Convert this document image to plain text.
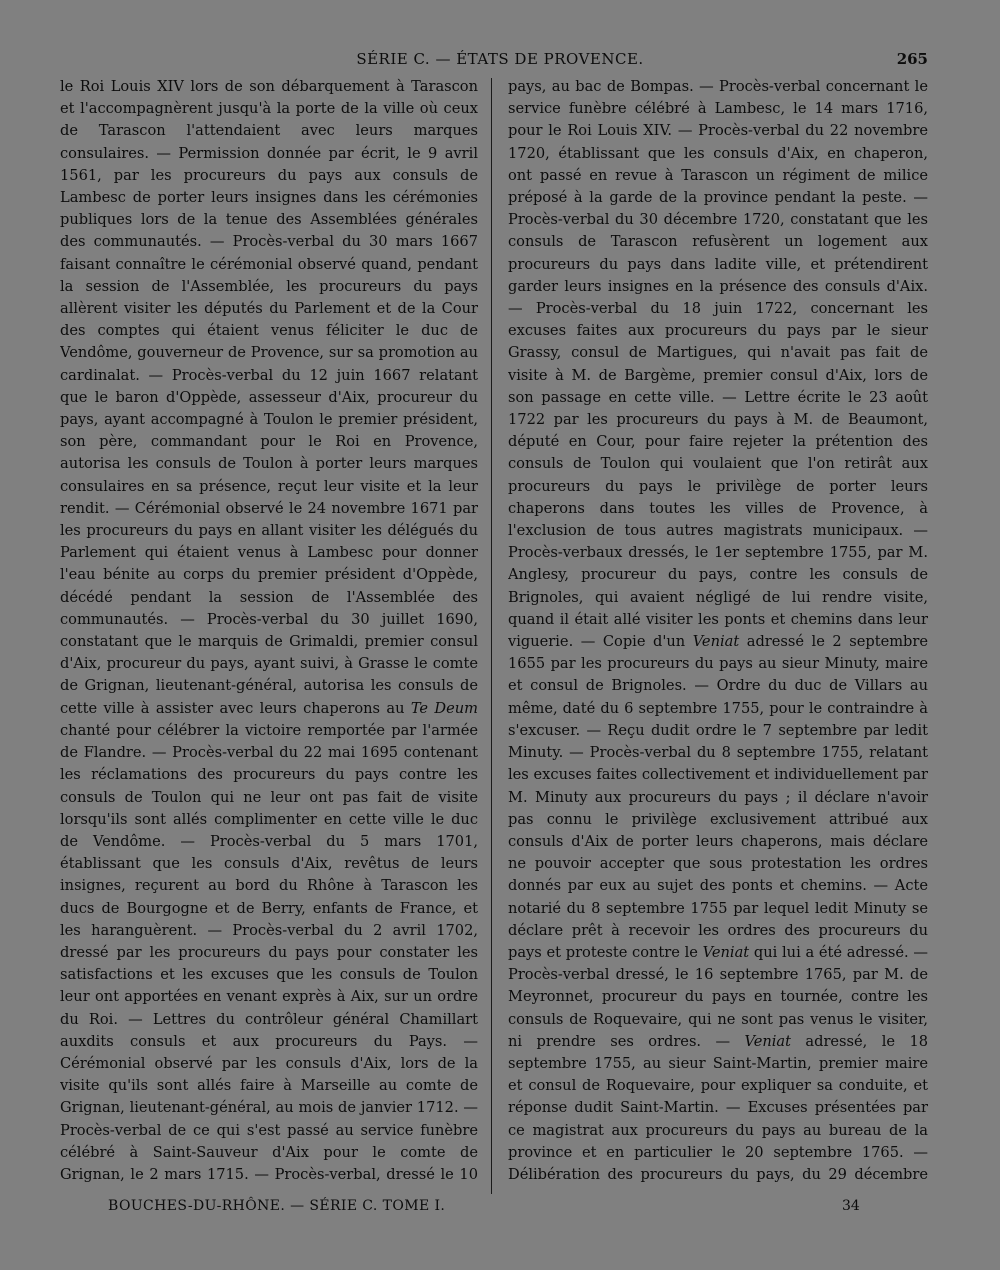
SÉRIE C. — ÉTATS DE PROVENCE.	265

le Roi Louis XIV lors de son débarquement à Tarascon et l'accompagnèrent jusqu'à la porte de la ville où ceux de Tarascon l'attendaient avec leurs marques consulaires. — Permission donnée par écrit, le 9 avril 1561, par les procureurs du pays aux consuls de Lambesc de porter leurs insignes dans les cérémonies publiques lors de la tenue des Assemblées générales des communautés. — Procès-verbal du 30 mars 1667 faisant connaître le cérémonial observé quand, pendant la session de l'Assemblée, les procureurs du pays allèrent visiter les députés du Parlement et de la Cour des comptes qui étaient venus féliciter le duc de Vendôme, gouverneur de Provence, sur sa promotion au cardinalat. — Procès-verbal du 12 juin 1667 relatant que le baron d'Oppède, assesseur d'Aix, procureur du pays, ayant accompagné à Toulon le premier président, son père, commandant pour le Roi en Provence, autorisa les consuls de Toulon à porter leurs marques consulaires en sa présence, reçut leur visite et la leur rendit. — Cérémonial observé le 24 novembre 1671 par les procureurs du pays en allant visiter les délégués du Parlement qui étaient venus à Lambesc pour donner l'eau bénite au corps du premier président d'Oppède, décédé pendant la session de l'Assemblée des communautés. — Procès-verbal du 30 juillet 1690, constatant que le marquis de Grimaldi, premier consul d'Aix, procureur du pays, ayant suivi, à Grasse le comte de Grignan, lieutenant-général, autorisa les consuls de cette ville à assister avec leurs chaperons au Te Deum chanté pour célébrer la victoire remportée par l'armée de Flandre. — Procès-verbal du 22 mai 1695 contenant les réclamations des procureurs du pays contre les consuls de Toulon qui ne leur ont pas fait de visite lorsqu'ils sont allés complimenter en cette ville le duc de Vendôme. — Procès-verbal du 5 mars 1701, établissant que les consuls d'Aix, revêtus de leurs insignes, reçurent au bord du Rhône à Tarascon les ducs de Bourgogne et de Berry, enfants de France, et les haranguèrent. — Procès-verbal du 2 avril 1702, dressé par les procureurs du pays pour constater les satisfactions et les excuses que les consuls de Toulon leur ont apportées en venant exprès à Aix, sur un ordre du Roi. — Lettres du contrôleur général Chamillart auxdits consuls et aux procureurs du Pays. — Cérémonial observé par les consuls d'Aix, lors de la visite qu'ils sont allés faire à Marseille au comte de Grignan, lieutenant-général, au mois de janvier 1712. — Procès-verbal de ce qui s'est passé au service funèbre célébré à Saint-Sauveur d'Aix pour le comte de Grignan, le 2 mars 1715. — Procès-verbal, dressé le 10

pays, au bac de Bompas. — Procès-verbal concernant le service funèbre célébré à Lambesc, le 14 mars 1716, pour le Roi Louis XIV. — Procès-verbal du 22 novembre 1720, établissant que les consuls d'Aix, en chaperon, ont passé en revue à Tarascon un régiment de milice préposé à la garde de la province pendant la peste. — Procès-verbal du 30 décembre 1720, constatant que les consuls de Tarascon refusèrent un logement aux procureurs du pays dans ladite ville, et prétendirent garder leurs insignes en la présence des consuls d'Aix. — Procès-verbal du 18 juin 1722, concernant les excuses faites aux procureurs du pays par le sieur Grassy, consul de Martigues, qui n'avait pas fait de visite à M. de Bargème, premier consul d'Aix, lors de son passage en cette ville. — Lettre écrite le 23 août 1722 par les procureurs du pays à M. de Beaumont, député en Cour, pour faire rejeter la prétention des consuls de Toulon qui voulaient que l'on retirât aux procureurs du pays le privilège de porter leurs chaperons dans toutes les villes de Provence, à l'exclusion de tous autres magistrats municipaux. — Procès-verbaux dressés, le 1er septembre 1755, par M. Anglesy, procureur du pays, contre les consuls de Brignoles, qui avaient négligé de lui rendre visite, quand il était allé visiter les ponts et chemins dans leur viguerie. — Copie d'un Veniat adressé le 2 septembre 1655 par les procureurs du pays au sieur Minuty, maire et consul de Brignoles. — Ordre du duc de Villars au même, daté du 6 septembre 1755, pour le contraindre à s'excuser. — Reçu dudit ordre le 7 septembre par ledit Minuty. — Procès-verbal du 8 septembre 1755, relatant les excuses faites collectivement et individuellement par M. Minuty aux procureurs du pays ; il déclare n'avoir pas connu le privilège exclusivement attribué aux consuls d'Aix de porter leurs chaperons, mais déclare ne pouvoir accepter que sous protestation les ordres donnés par eux au sujet des ponts et chemins. — Acte notarié du 8 septembre 1755 par lequel ledit Minuty se déclare prêt à recevoir les ordres des procureurs du pays et proteste contre le Veniat qui lui a été adressé. — Procès-verbal dressé, le 16 septembre 1765, par M. de Meyronnet, procureur du pays en tournée, contre les consuls de Roquevaire, qui ne sont pas venus le visiter, ni prendre ses ordres. — Veniat adressé, le 18 septembre 1755, au sieur Saint-Martin, premier maire et consul de Roquevaire, pour expliquer sa conduite, et réponse dudit Saint-Martin. — Excuses présentées par ce magistrat aux procureurs du pays au bureau de la province et en particulier le 20 septembre 1765. — Délibération des procureurs du pays, du 29 décembre

BOUCHES-DU-RHÔNE. — SÉRIE C. TOME I.	34
